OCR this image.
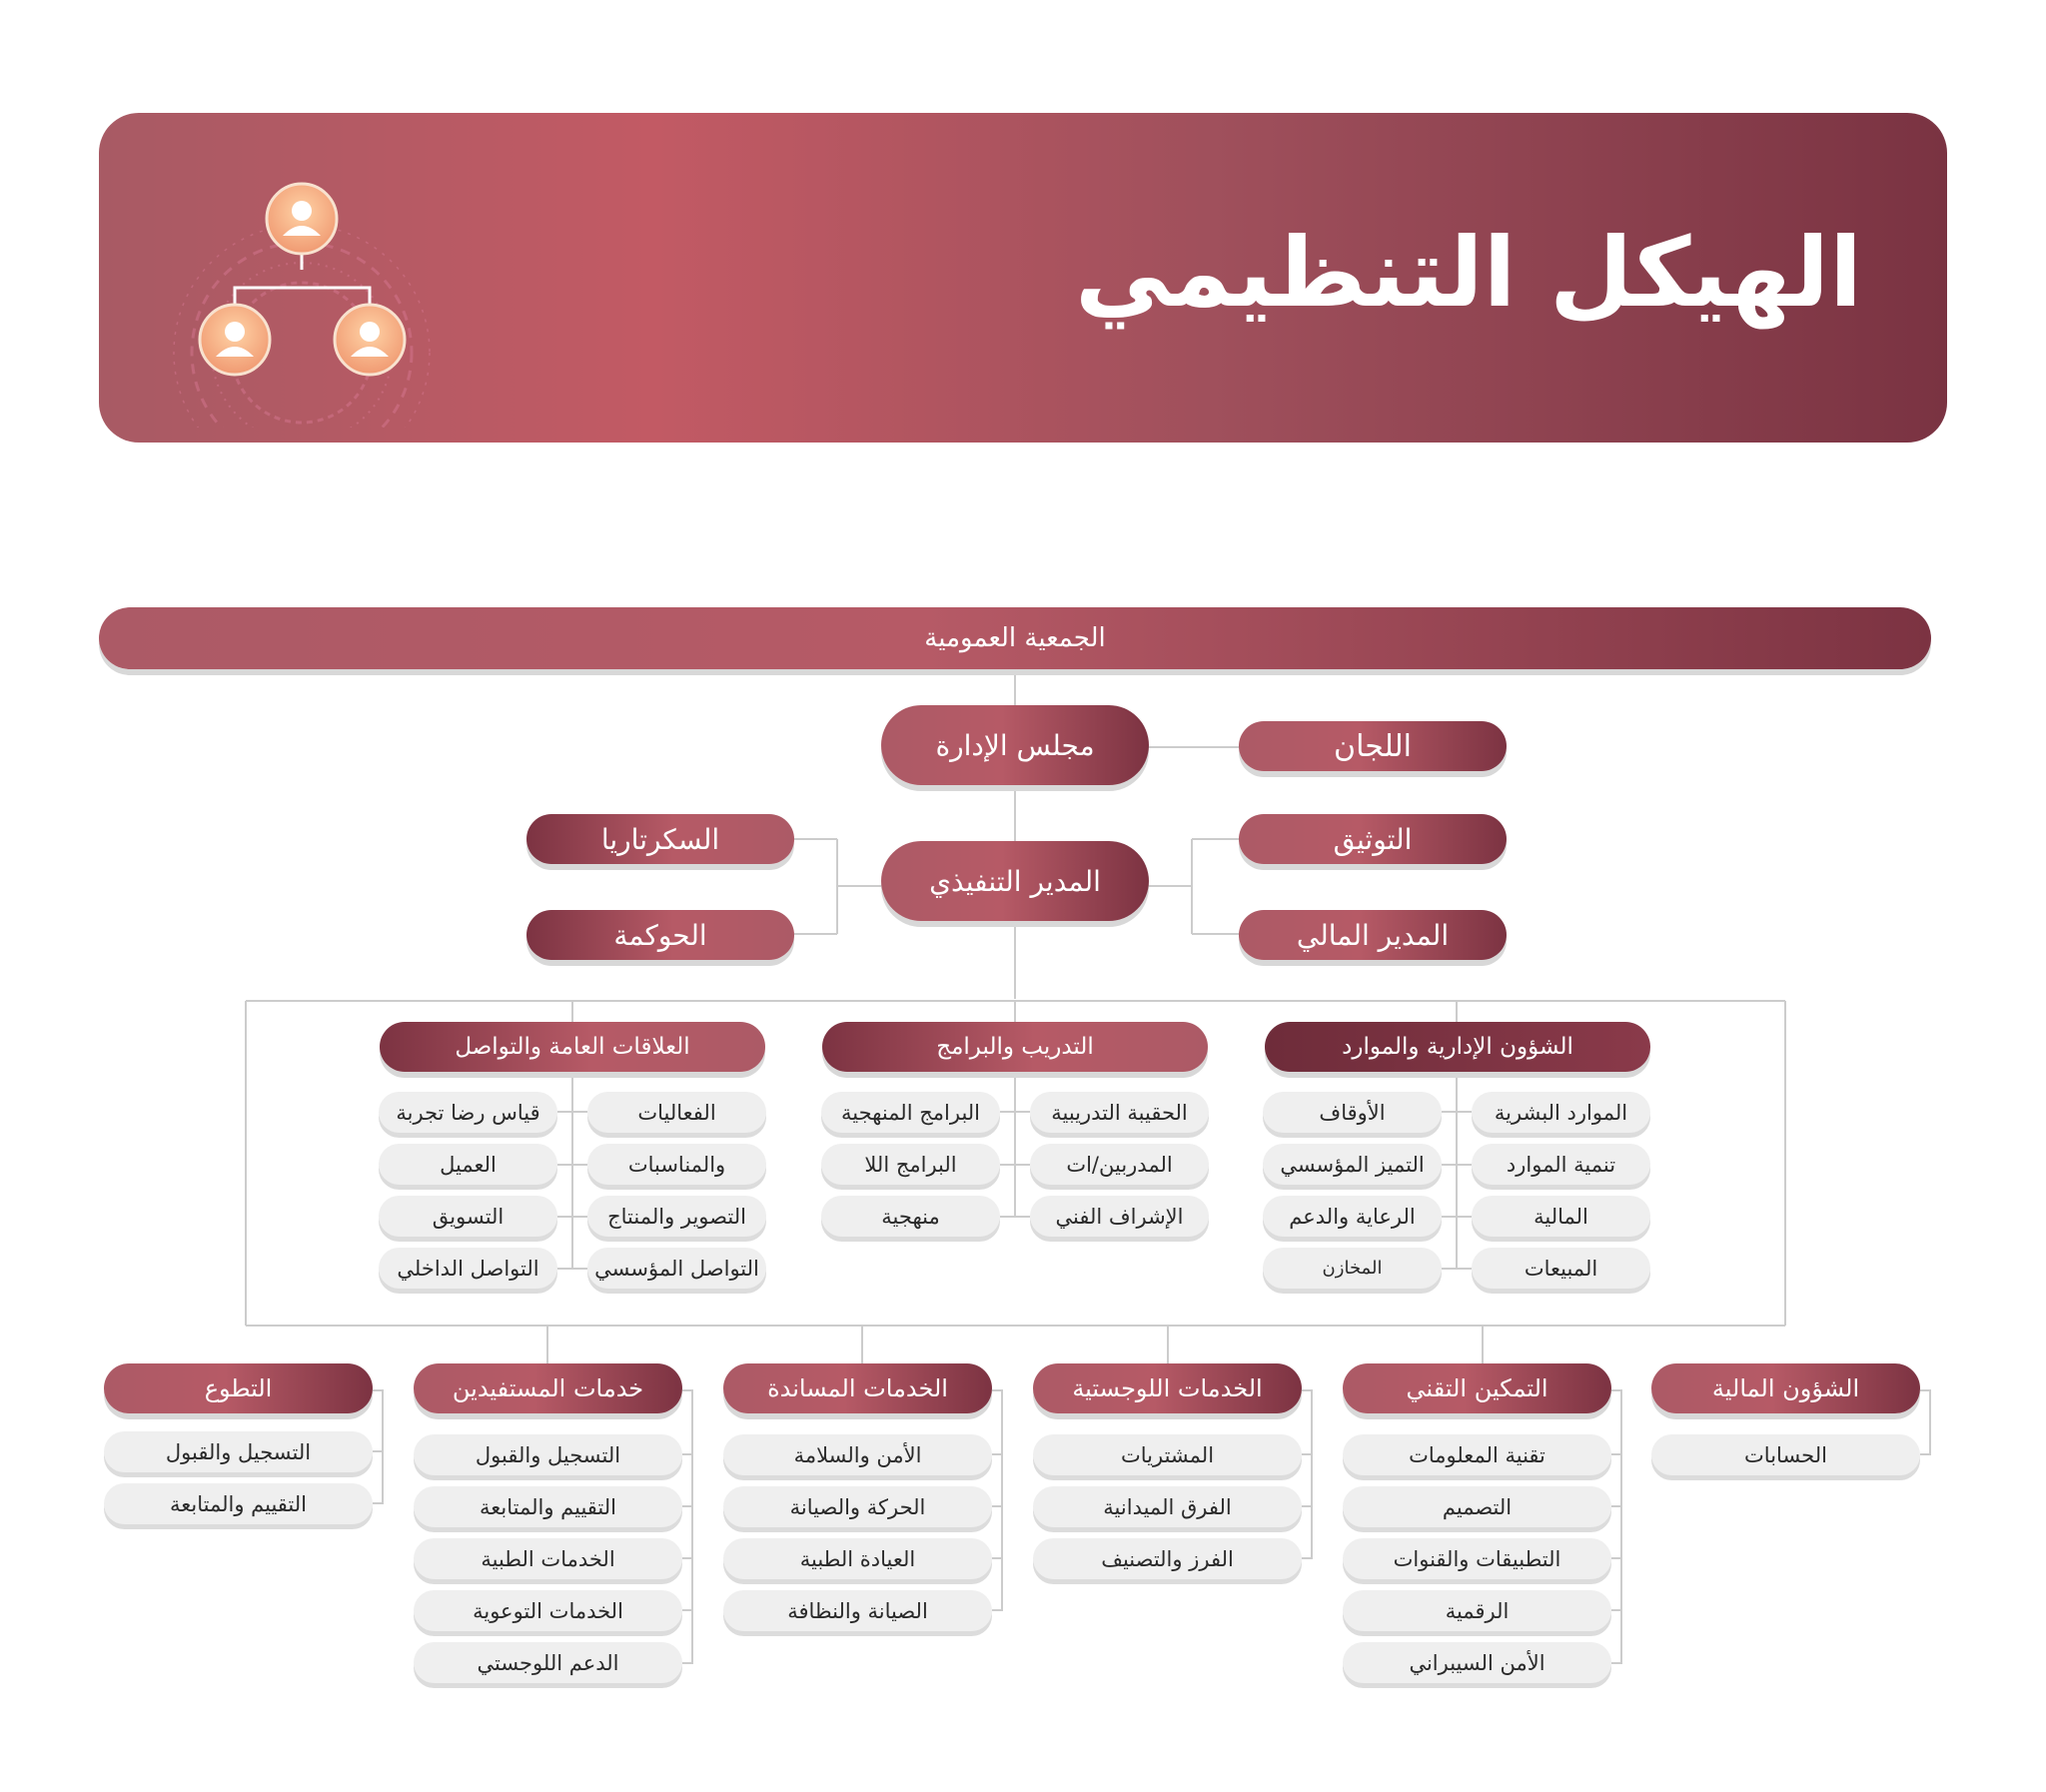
الهيكل التنظيمي
الجمعية العمومية
مجلس الإدارة	اللجان
المدير التنفيذي
السكرتاريا
الحوكمة
التوثيق
المدير المالي
الشؤون الإدارية والموارد
التدريب والبرامج
العلاقات العامة والتواصل
الموارد البشرية
تنمية الموارد
المالية
المبيعات
الأوقاف
التميز المؤسسي
الرعاية والدعم
المخازن
الحقيبة التدريبية
المدربين/ات
الإشراف الفني
البرامج المنهجية
البرامج اللا
منهجية
الفعاليات
والمناسبات
التصوير والمنتاج
التواصل المؤسسي
قياس رضا تجربة
العميل
التسويق
التواصل الداخلي
الشؤون المالية
التمكين التقني
الخدمات اللوجستية
الخدمات المساندة
خدمات المستفيدين
التطوع
الحسابات
تقنية المعلومات
التصميم
التطبيقات والقنوات
الرقمية
الأمن السيبراني
المشتريات
الفرق الميدانية
الفرز والتصنيف
الأمن والسلامة
الحركة والصيانة
العيادة الطبية
الصيانة والنظافة
التسجيل والقبول
التقييم والمتابعة
الخدمات الطبية
الخدمات التوعوية
الدعم اللوجستي
التسجيل والقبول
التقييم والمتابعة
